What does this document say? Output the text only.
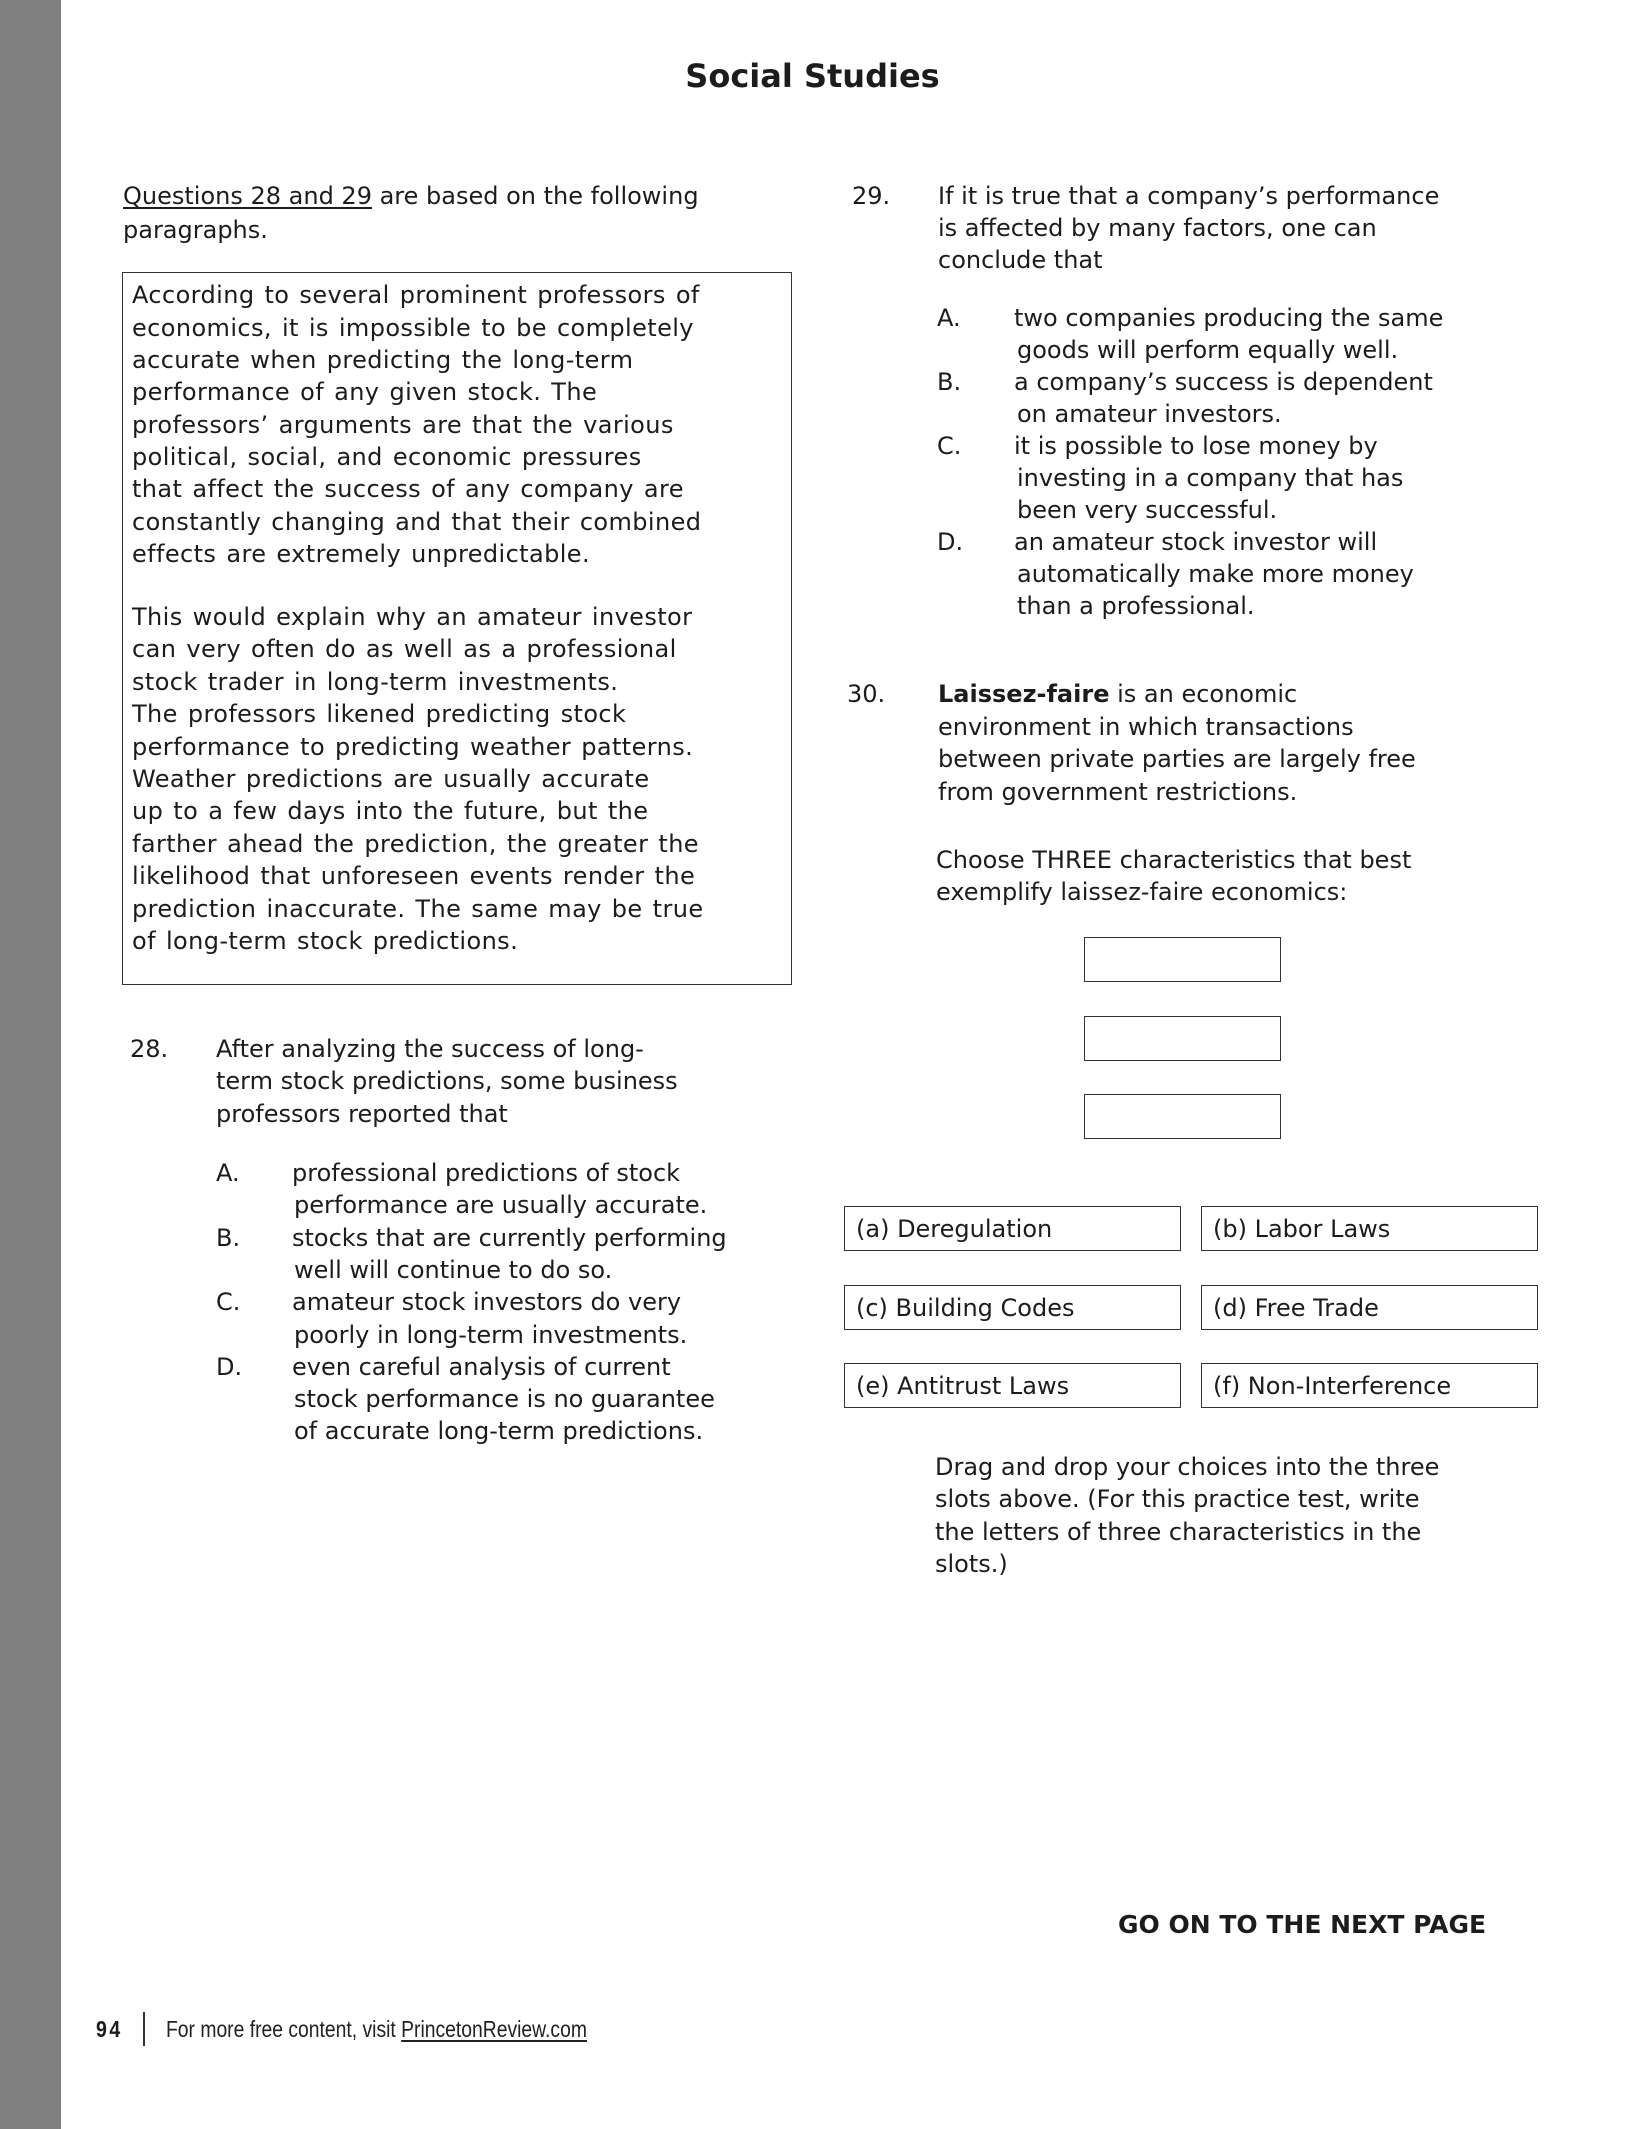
Social Studies
Questions 28 and 29 are based on the following
paragraphs.
According to several prominent professors of
economics, it is impossible to be completely
accurate when predicting the long-term
performance of any given stock. The
professors’ arguments are that the various
political, social, and economic pressures
that affect the success of any company are
constantly changing and that their combined
effects are extremely unpredictable.
This would explain why an amateur investor
can very often do as well as a professional
stock trader in long-term investments.
The professors likened predicting stock
performance to predicting weather patterns.
Weather predictions are usually accurate
up to a few days into the future, but the
farther ahead the prediction, the greater the
likelihood that unforeseen events render the
prediction inaccurate. The same may be true
of long-term stock predictions.
28. After analyzing the success of long-
term stock predictions, some business
professors reported that
A. professional predictions of stock
performance are usually accurate.
B. stocks that are currently performing
well will continue to do so.
C. amateur stock investors do very
poorly in long-term investments.
D. even careful analysis of current
stock performance is no guarantee
of accurate long-term predictions.
29. If it is true that a company’s performance
is affected by many factors, one can
conclude that
A. two companies producing the same
goods will perform equally well.
B. a company’s success is dependent
on amateur investors.
C. it is possible to lose money by
investing in a company that has
been very successful.
D. an amateur stock investor will
automatically make more money
than a professional.
30. Laissez-faire is an economic
environment in which transactions
between private parties are largely free
from government restrictions.
Choose THREE characteristics that best
exemplify laissez-faire economics:
(a) Deregulation	(b) Labor Laws
(c) Building Codes	(d) Free Trade
(e) Antitrust Laws	(f) Non-Interference
Drag and drop your choices into the three
slots above. (For this practice test, write
the letters of three characteristics in the
slots.)
GO ON TO THE NEXT PAGE
94 For more free content, visit PrincetonReview.com
